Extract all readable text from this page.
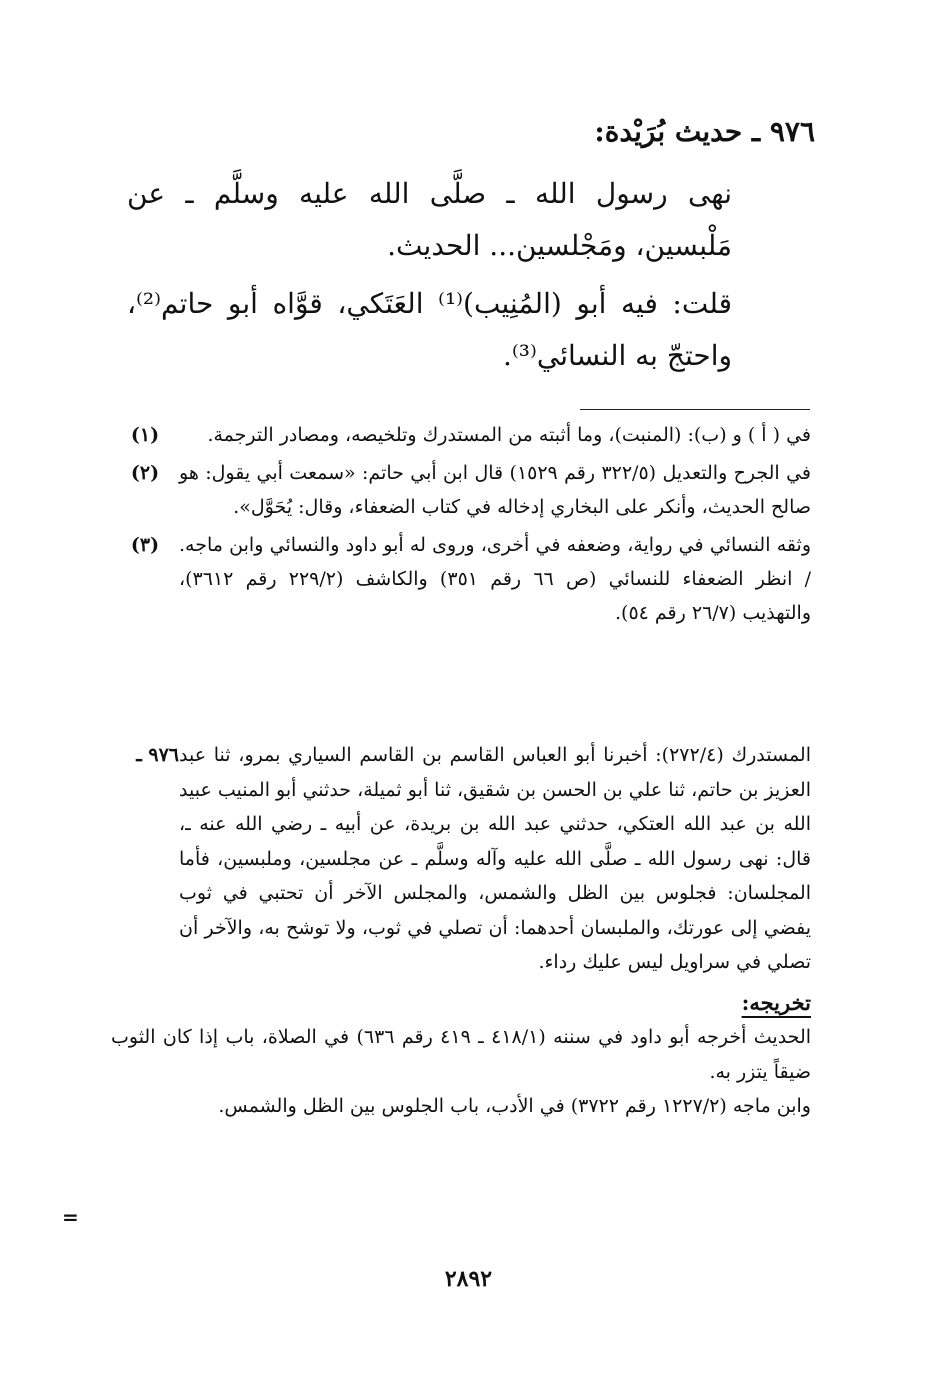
٩٧٦ ـ حديث بُرَيْدة:

نهى رسول الله ـ صلَّى الله عليه وسلَّم ـ عن مَلْبسين، ومَجْلسين... الحديث.

قلت: فيه أبو (المُنِيب)⁽¹⁾ العَتَكي، قوَّاه أبو حاتم⁽²⁾، واحتجّ به النسائي⁽³⁾.

(١)	في ( أ ) و (ب): (المنبت)، وما أثبته من المستدرك وتلخيصه، ومصادر الترجمة.
(٢)	في الجرح والتعديل (٣٢٢/٥ رقم ١٥٢٩) قال ابن أبي حاتم: «سمعت أبي يقول: هو صالح الحديث، وأنكر على البخاري إدخاله في كتاب الضعفاء، وقال: يُحَوَّل».
(٣)	وثقه النسائي في رواية، وضعفه في أخرى، وروى له أبو داود والنسائي وابن ماجه. / انظر الضعفاء للنسائي (ص ٦٦ رقم ٣٥١) والكاشف (٢٢٩/٢ رقم ٣٦١٢)، والتهذيب (٢٦/٧ رقم ٥٤).
٩٧٦ ـ المستدرك (٢٧٢/٤): أخبرنا أبو العباس القاسم بن القاسم السياري بمرو، ثنا عبد العزيز بن حاتم، ثنا علي بن الحسن بن شقيق، ثنا أبو ثميلة، حدثني أبو المنيب عبيد الله بن عبد الله العتكي، حدثني عبد الله بن بريدة، عن أبيه ـ رضي الله عنه ـ، قال: نهى رسول الله ـ صلَّى الله عليه وآله وسلَّم ـ عن مجلسين، وملبسين، فأما المجلسان: فجلوس بين الظل والشمس، والمجلس الآخر أن تحتبي في ثوب يفضي إلى عورتك، والملبسان أحدهما: أن تصلي في ثوب، ولا توشح به، والآخر أن تصلي في سراويل ليس عليك رداء.
تخريجه:
الحديث أخرجه أبو داود في سننه (٤١٨/١ ـ ٤١٩ رقم ٦٣٦) في الصلاة، باب إذا كان الثوب ضيقاً يتزر به.
وابن ماجه (١٢٢٧/٢ رقم ٣٧٢٢) في الأدب، باب الجلوس بين الظل والشمس.
=
٢٨٩٢
